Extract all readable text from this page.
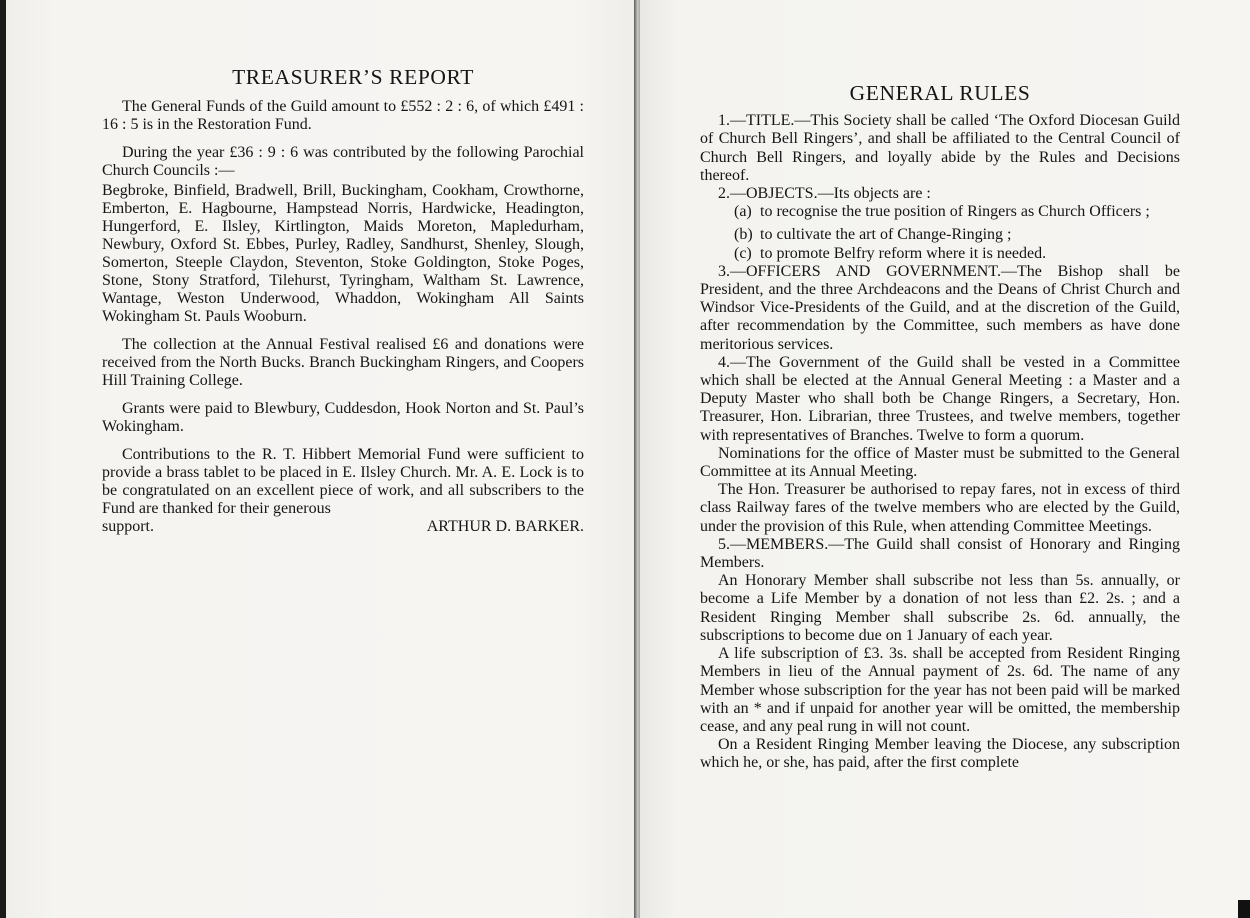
TREASURER’S REPORT

The General Funds of the Guild amount to £552 : 2 : 6, of which £491 : 16 : 5 is in the Restoration Fund.

During the year £36 : 9 : 6 was contributed by the following Parochial Church Councils :—

Begbroke, Binfield, Bradwell, Brill, Buckingham, Cookham, Crowthorne, Emberton, E. Hagbourne, Hampstead Norris, Hardwicke, Headington, Hungerford, E. Ilsley, Kirtlington, Maids Moreton, Mapledurham, Newbury, Oxford St. Ebbes, Purley, Radley, Sandhurst, Shenley, Slough, Somerton, Steeple Claydon, Steventon, Stoke Goldington, Stoke Poges, Stone, Stony Stratford, Tilehurst, Tyringham, Waltham St. Lawrence, Wantage, Weston Underwood, Whaddon, Wokingham All Saints Wokingham St. Pauls Wooburn.

The collection at the Annual Festival realised £6 and donations were received from the North Bucks. Branch Buckingham Ringers, and Coopers Hill Training College.

Grants were paid to Blewbury, Cuddesdon, Hook Norton and St. Paul’s Wokingham.

Contributions to the R. T. Hibbert Memorial Fund were sufficient to provide a brass tablet to be placed in E. Ilsley Church. Mr. A. E. Lock is to be congratulated on an excellent piece of work, and all subscribers to the Fund are thanked for their generous

support.	ARTHUR D. BARKER.
GENERAL RULES

1.—TITLE.—This Society shall be called ‘The Oxford Diocesan Guild of Church Bell Ringers’, and shall be affiliated to the Central Council of Church Bell Ringers, and loyally abide by the Rules and Decisions thereof.

2.—OBJECTS.—Its objects are :

(a) to recognise the true position of Ringers as Church Officers ;
(b) to cultivate the art of Change-Ringing ;
(c) to promote Belfry reform where it is needed.

3.—OFFICERS AND GOVERNMENT.—The Bishop shall be President, and the three Archdeacons and the Deans of Christ Church and Windsor Vice-Presidents of the Guild, and at the discretion of the Guild, after recommendation by the Committee, such members as have done meritorious services.

4.—The Government of the Guild shall be vested in a Committee which shall be elected at the Annual General Meeting : a Master and a Deputy Master who shall both be Change Ringers, a Secretary, Hon. Treasurer, Hon. Librarian, three Trustees, and twelve members, together with representatives of Branches. Twelve to form a quorum.

Nominations for the office of Master must be submitted to the General Committee at its Annual Meeting.

The Hon. Treasurer be authorised to repay fares, not in excess of third class Railway fares of the twelve members who are elected by the Guild, under the provision of this Rule, when attending Committee Meetings.

5.—MEMBERS.—The Guild shall consist of Honorary and Ringing Members.

An Honorary Member shall subscribe not less than 5s. annually, or become a Life Member by a donation of not less than £2. 2s. ; and a Resident Ringing Member shall subscribe 2s. 6d. annually, the subscriptions to become due on 1 January of each year.

A life subscription of £3. 3s. shall be accepted from Resident Ringing Members in lieu of the Annual payment of 2s. 6d. The name of any Member whose subscription for the year has not been paid will be marked with an * and if unpaid for another year will be omitted, the membership cease, and any peal rung in will not count.

On a Resident Ringing Member leaving the Diocese, any subscription which he, or she, has paid, after the first complete
